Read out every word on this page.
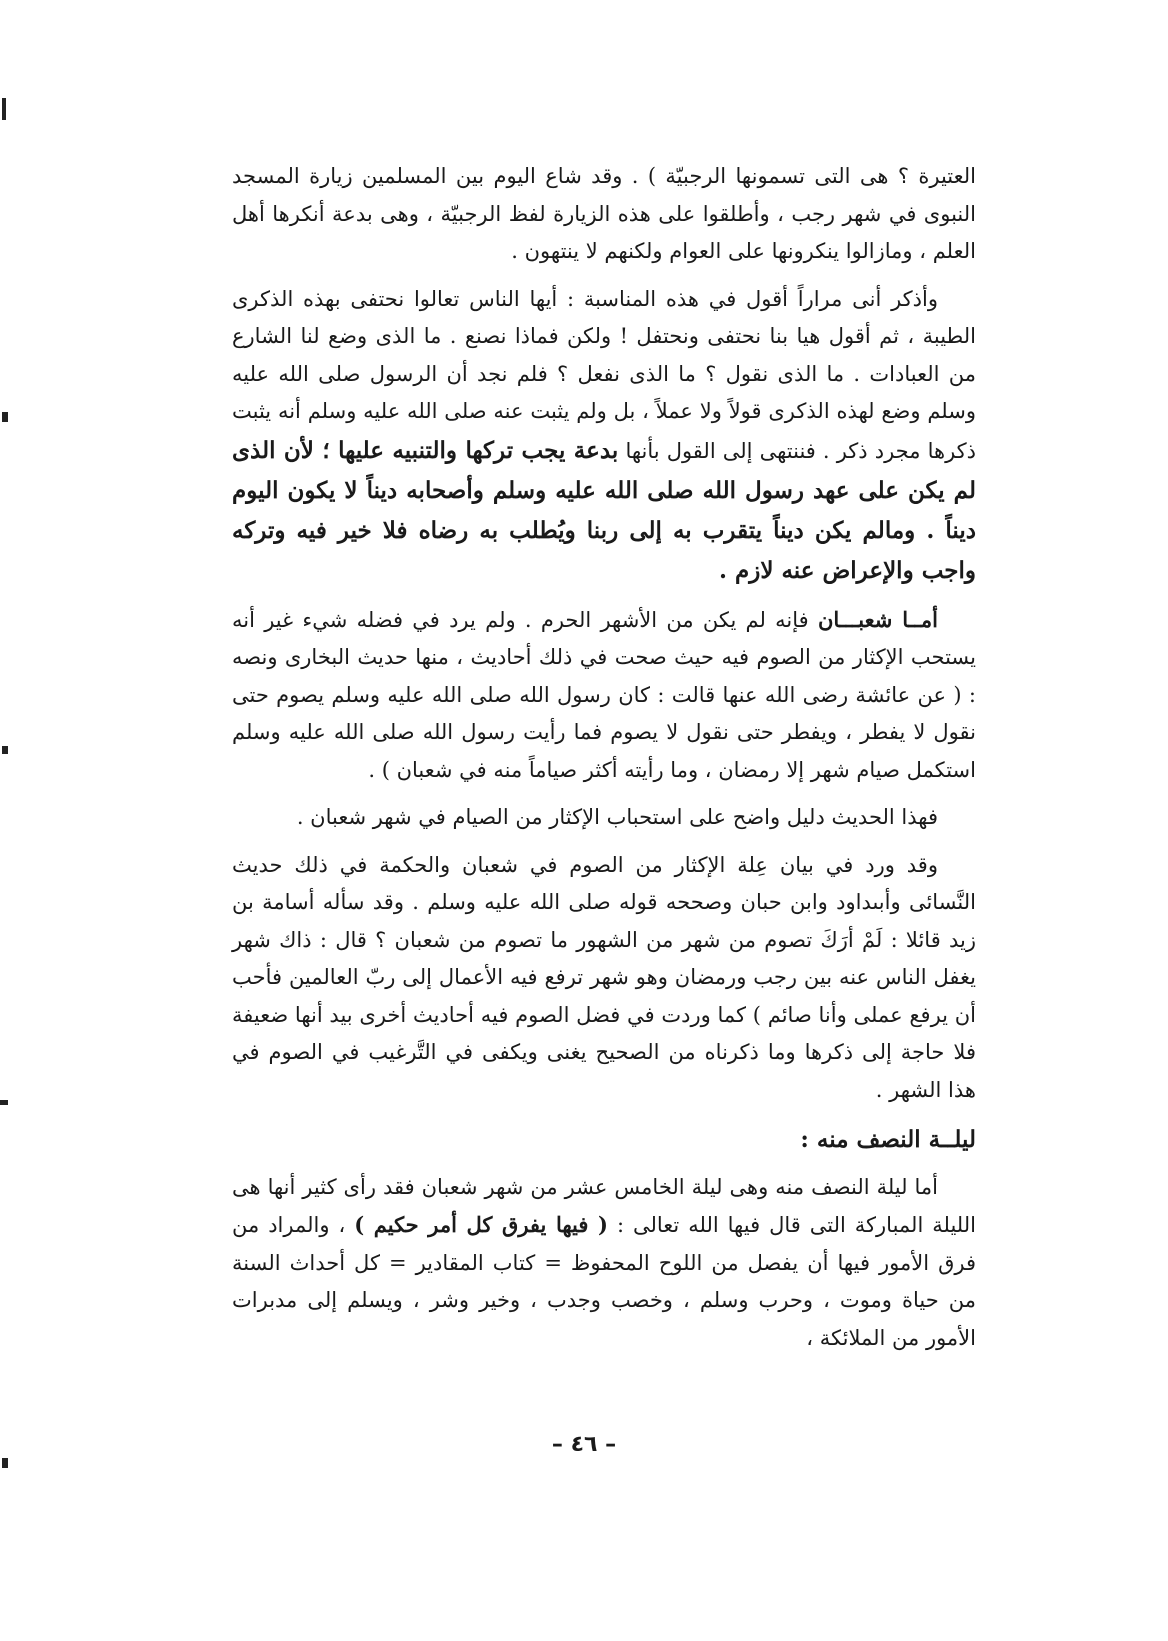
العتيرة ؟ هى التى تسمونها الرجبيّة ) . وقد شاع اليوم بين المسلمين زيارة المسجد النبوى في شهر رجب ، وأطلقوا على هذه الزيارة لفظ الرجبيّة ، وهى بدعة أنكرها أهل العلم ، ومازالوا ينكرونها على العوام ولكنهم لا ينتهون .

وأذكر أنى مراراً أقول في هذه المناسبة : أيها الناس تعالوا نحتفى بهذه الذكرى الطيبة ، ثم أقول هيا بنا نحتفى ونحتفل ! ولكن فماذا نصنع . ما الذى وضع لنا الشارع من العبادات . ما الذى نقول ؟ ما الذى نفعل ؟ فلم نجد أن الرسول صلى الله عليه وسلم وضع لهذه الذكرى قولاً ولا عملاً ، بل ولم يثبت عنه صلى الله عليه وسلم أنه يثبت ذكرها مجرد ذكر . فننتهى إلى القول بأنها بدعة يجب تركها والتنبيه عليها ؛ لأن الذى لم يكن على عهد رسول الله صلى الله عليه وسلم وأصحابه ديناً لا يكون اليوم ديناً . ومالم يكن ديناً يتقرب به إلى ربنا ويُطلب به رضاه فلا خير فيه وتركه واجب والإعراض عنه لازم .

أمــا شعبـــان فإنه لم يكن من الأشهر الحرم . ولم يرد في فضله شيء غير أنه يستحب الإكثار من الصوم فيه حيث صحت في ذلك أحاديث ، منها حديث البخارى ونصه : ( عن عائشة رضى الله عنها قالت : كان رسول الله صلى الله عليه وسلم يصوم حتى نقول لا يفطر ، ويفطر حتى نقول لا يصوم فما رأيت رسول الله صلى الله عليه وسلم استكمل صيام شهر إلا رمضان ، وما رأيته أكثر صياماً منه في شعبان ) .

فهذا الحديث دليل واضح على استحباب الإكثار من الصيام في شهر شعبان .

وقد ورد في بيان عِلة الإكثار من الصوم في شعبان والحكمة في ذلك حديث النَّسائى وأبىداود وابن حبان وصححه قوله صلى الله عليه وسلم . وقد سأله أسامة بن زيد قائلا : لَمْ أرَكَ تصوم من شهر من الشهور ما تصوم من شعبان ؟ قال : ذاك شهر يغفل الناس عنه بين رجب ورمضان وهو شهر ترفع فيه الأعمال إلى ربّ العالمين فأحب أن يرفع عملى وأنا صائم ) كما وردت في فضل الصوم فيه أحاديث أخرى بيد أنها ضعيفة فلا حاجة إلى ذكرها وما ذكرناه من الصحيح يغنى ويكفى في التَّرغيب في الصوم في هذا الشهر .

ليلــة النصف منه :

أما ليلة النصف منه وهى ليلة الخامس عشر من شهر شعبان فقد رأى كثير أنها هى الليلة المباركة التى قال فيها الله تعالى : ( فيها يفرق كل أمر حكيم ) ، والمراد من فرق الأمور فيها أن يفصل من اللوح المحفوظ = كتاب المقادير = كل أحداث السنة من حياة وموت ، وحرب وسلم ، وخصب وجدب ، وخير وشر ، ويسلم إلى مدبرات الأمور من الملائكة ،

– ٤٦ –
